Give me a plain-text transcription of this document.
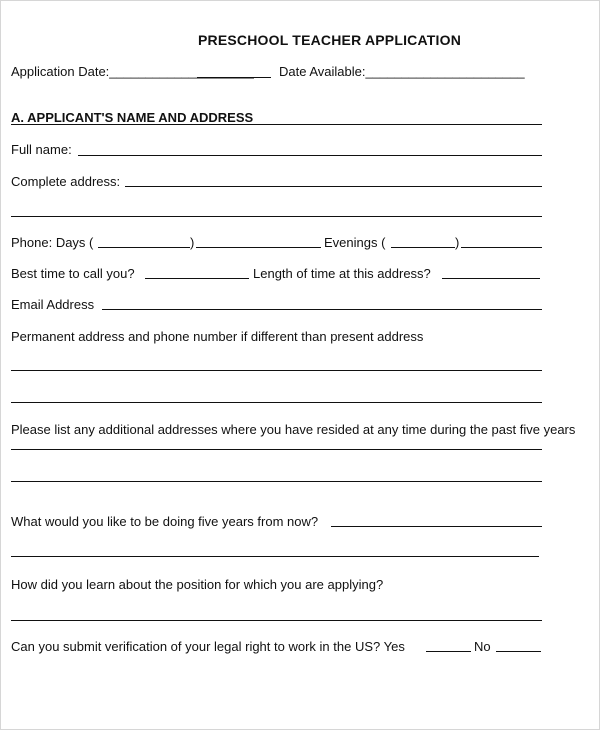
PRESCHOOL TEACHER APPLICATION
Application Date:____________________ Date Available:______________________
A. APPLICANT'S NAME AND ADDRESS
Full name:
Complete address:
Phone: Days (	)	Evenings (	)
Best time to call you?	Length of time at this address?
Email Address
Permanent address and phone number if different than present address
Please list any additional addresses where you have resided at any time during the past five years
What would you like to be doing five years from now?
How did you learn about the position for which you are applying?
Can you submit verification of your legal right to work in the US? Yes	No
